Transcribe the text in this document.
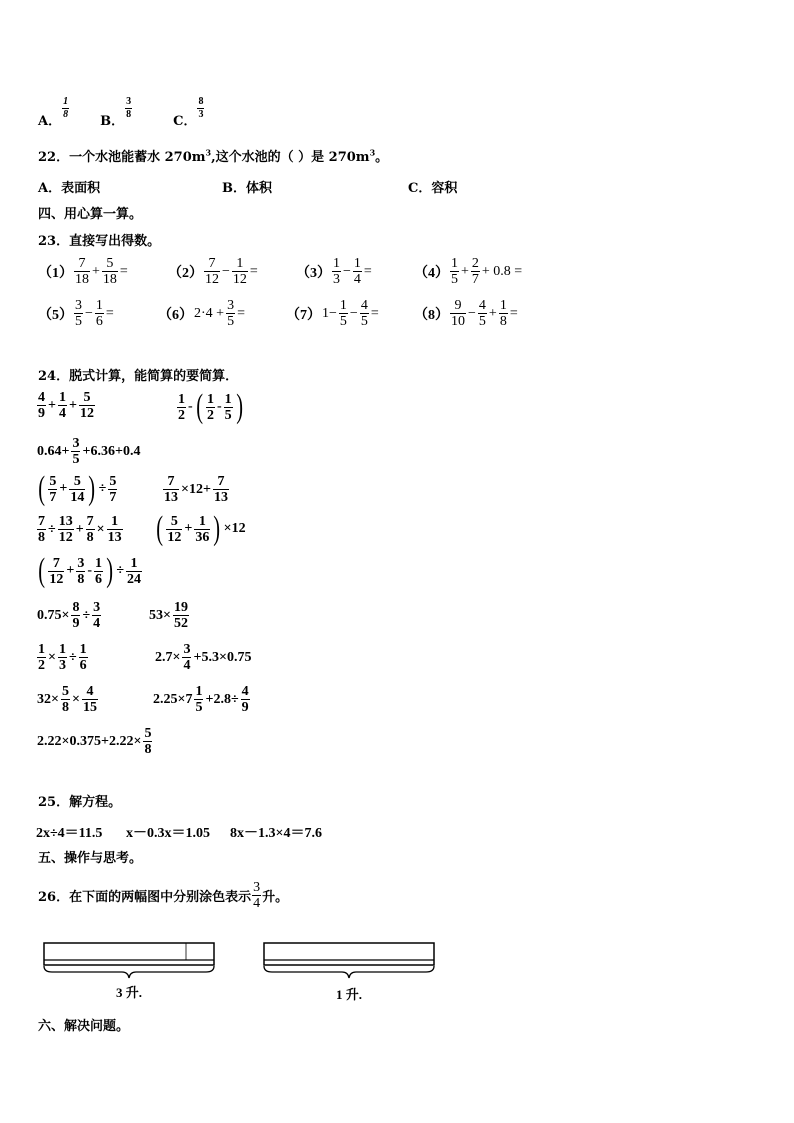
A．
$\frac{1}{8}$
B．
$\frac{3}{8}$
C．
$\frac{8}{3}$
22．一个水池能蓄水 $270m^3$,这个水池的（ ）是 $270m^3$。
A．表面积	B．体积	C．容积
四、用心算一算。
23．直接写出得数。
$(1) \frac{7}{18} + \frac{5}{18}$ =	$(2) \frac{7}{12} - \frac{1}{12}$ =	$(3) \frac{1}{3} - \frac{1}{4}$ =	$(4) \frac{1}{5} + \frac{2}{7} + 0.8$ =
$(5) \frac{3}{5} - \frac{1}{6}$ =	（6） $2\cdot 4 + \frac{3}{5}$ =	（7） $1- \frac{1}{5} - \frac{4}{5}$ =	$(8) \frac{9}{10} - \frac{4}{5} + \frac{1}{8}$ =
24．脱式计算，能简算的要简算．
$\frac{4}{9} + \frac{1}{4} + \frac{5}{12}$	$\frac{1}{2}$ - ( $\frac{1}{2} - \frac{1}{5}$ )
$0.64+ \frac{3}{5} +6.36+0.4$
( $\frac{5}{7} + \frac{5}{14}$ ) ÷ $\frac{5}{7}$	$\frac{7}{13} \times 12+ \frac{7}{13}$
$\frac{7}{8} \div \frac{13}{12} + \frac{7}{8} \times \frac{1}{13}$ ( $\frac{5}{12} + \frac{1}{36}$ ) ×12
( $\frac{7}{12} + \frac{3}{8} - \frac{1}{6}$ ) ÷ $\frac{1}{24}$
$0.75\times \frac{8}{9} \div \frac{3}{4}$	$53\times \frac{19}{52}$
$\frac{1}{2} \times \frac{1}{3} \div \frac{1}{6}$	$2.7\times \frac{3}{4} +5.3\times 0.75$
$32\times \frac{5}{8} \times \frac{4}{15}$	$2.25\times 7 \frac{1}{5} +2.8\div \frac{4}{9}$
$2.22\times 0.375+2.22\times \frac{5}{8}$
25．解方程。
2x÷4＝11.5 x－0.3x＝1.05 8x－1.3×4＝7.6
五、操作与思考。
26．在下面的两幅图中分别涂色表示 $\frac{3}{4}$ 升。
3 升.	1 升.
六、解决问题。
